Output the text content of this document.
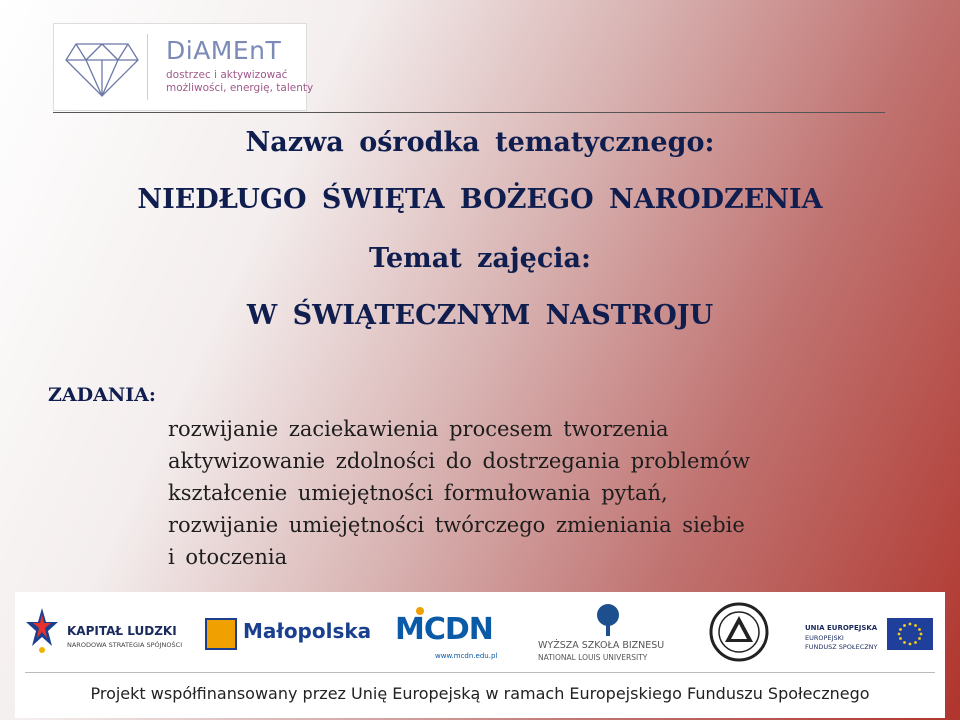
DiAMEnT
dostrzec i aktywizować
możliwości, energię, talenty
Nazwa ośrodka tematycznego:
NIEDŁUGO ŚWIĘTA BOŻEGO NARODZENIA
Temat zajęcia:
W ŚWIĄTECZNYM NASTROJU
ZADANIA:
rozwijanie zaciekawienia procesem tworzenia
aktywizowanie zdolności do dostrzegania problemów
kształcenie umiejętności formułowania pytań,
rozwijanie umiejętności twórczego zmieniania siebie
i otoczenia
KAPITAŁ LUDZKI
NARODOWA STRATEGIA SPÓJNOŚCI
Małopolska MCDN
www.mcdn.edu.pl
WYŻSZA SZKOŁA BIZNESU
NATIONAL LOUIS UNIVERSITY
UNIA EUROPEJSKA
EUROPEJSKI
FUNDUSZ SPOŁECZNY
Projekt współfinansowany przez Unię Europejską w ramach Europejskiego Funduszu Społecznego
